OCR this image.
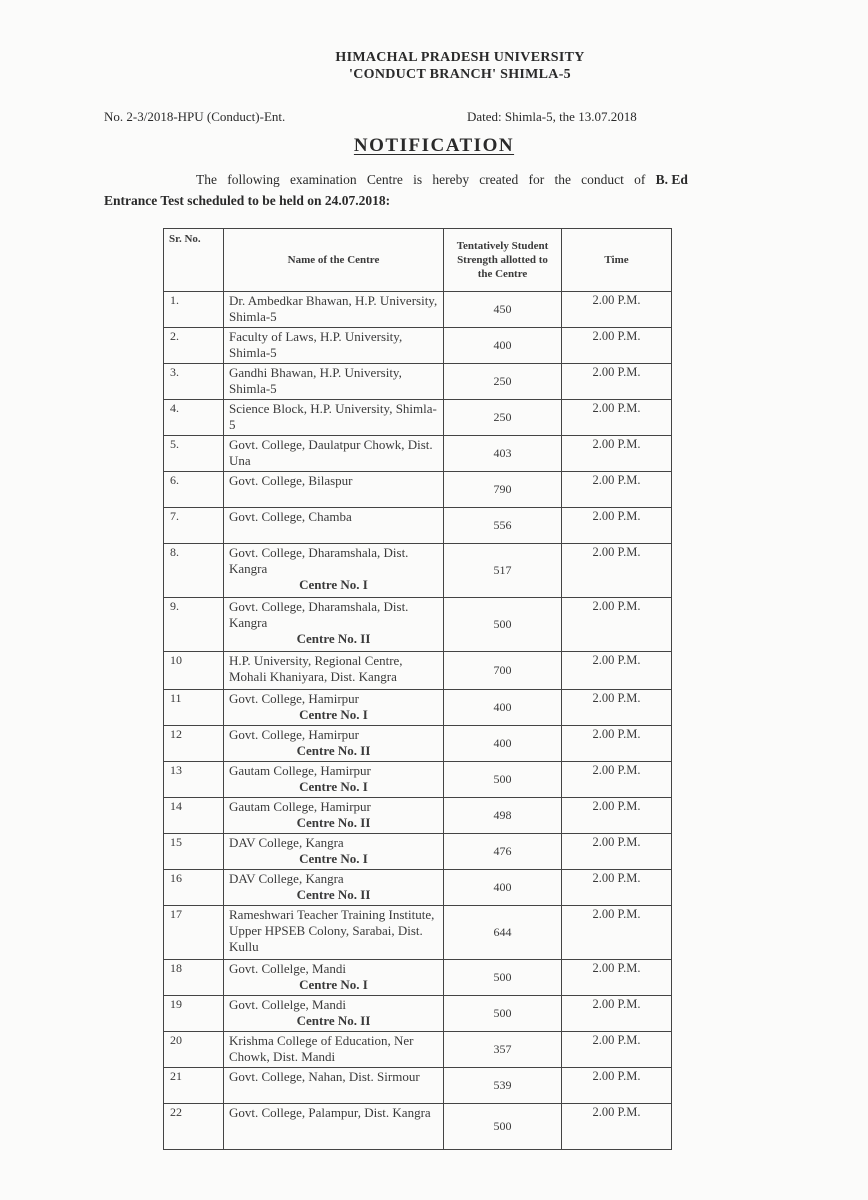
HIMACHAL PRADESH UNIVERSITY
'CONDUCT BRANCH' SHIMLA-5
No. 2-3/2018-HPU (Conduct)-Ent.	Dated: Shimla-5, the 13.07.2018
NOTIFICATION
The following examination Centre is hereby created for the conduct of B. Ed
Entrance Test scheduled to be held on 24.07.2018:
Sr. No.	Name of the Centre	Tentatively Student Strength allotted to the Centre	Time
1.	Dr. Ambedkar Bhawan, H.P. University, Shimla-5	450	2.00 P.M.
2.	Faculty of Laws, H.P. University, Shimla-5	400	2.00 P.M.
3.	Gandhi Bhawan, H.P. University, Shimla-5	250	2.00 P.M.
4.	Science Block, H.P. University, Shimla-5	250	2.00 P.M.
5.	Govt. College, Daulatpur Chowk, Dist. Una	403	2.00 P.M.
6.	Govt. College, Bilaspur	790	2.00 P.M.
7.	Govt. College, Chamba	556	2.00 P.M.
8.	Govt. College, Dharamshala, Dist. Kangra
Centre No. I	517	2.00 P.M.
9.	Govt. College, Dharamshala, Dist. Kangra
Centre No. II	500	2.00 P.M.
10	H.P. University, Regional Centre, Mohali Khaniyara, Dist. Kangra	700	2.00 P.M.
11	Govt. College, Hamirpur
Centre No. I	400	2.00 P.M.
12	Govt. College, Hamirpur
Centre No. II	400	2.00 P.M.
13	Gautam College, Hamirpur
Centre No. I	500	2.00 P.M.
14	Gautam College, Hamirpur
Centre No. II	498	2.00 P.M.
15	DAV College, Kangra
Centre No. I	476	2.00 P.M.
16	DAV College, Kangra
Centre No. II	400	2.00 P.M.
17	Rameshwari Teacher Training Institute, Upper HPSEB Colony, Sarabai, Dist. Kullu	644	2.00 P.M.
18	Govt. Collelge, Mandi
Centre No. I	500	2.00 P.M.
19	Govt. Collelge, Mandi
Centre No. II	500	2.00 P.M.
20	Krishma College of Education, Ner Chowk, Dist. Mandi	357	2.00 P.M.
21	Govt. College, Nahan, Dist. Sirmour	539	2.00 P.M.
22	Govt. College, Palampur, Dist. Kangra	500	2.00 P.M.
